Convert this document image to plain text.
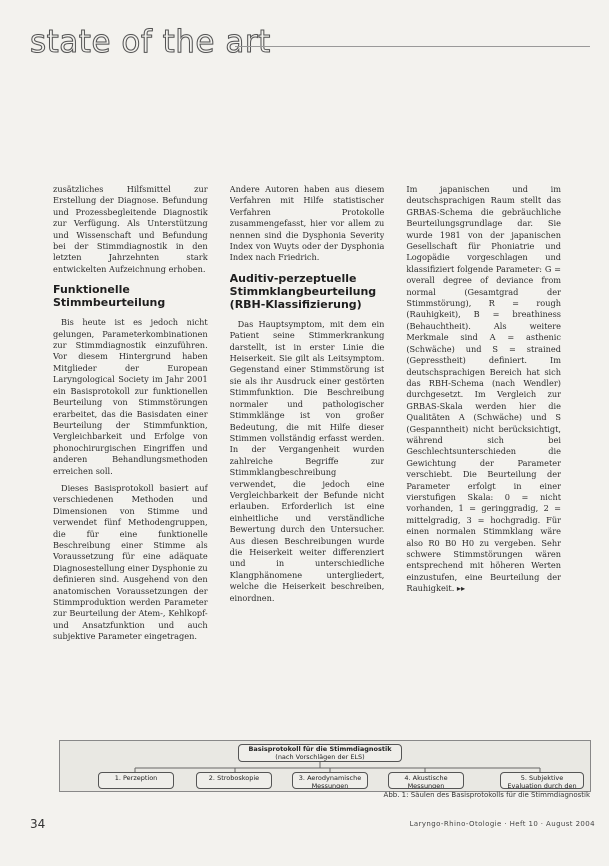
state of the art

zusätzliches Hilfsmittel zur Erstellung der Diagnose. Befundung und Prozessbegleitende Diagnostik zur Verfügung. Als Unterstützung und Wissenschaft und Befundung bei der Stimmdiagnostik in den letzten Jahrzehnten stark entwickelten Aufzeichnung erhoben.

Funktionelle Stimmbeurteilung

Bis heute ist es jedoch nicht gelungen, Parameterkombinationen zur Stimmdiagnostik einzuführen. Vor diesem Hintergrund haben Mitglieder der European Laryngological Society im Jahr 2001 ein Basisprotokoll zur funktionellen Beurteilung von Stimmstörungen erarbeitet, das die Basisdaten einer Beurteilung der Stimmfunktion, Vergleichbarkeit und Erfolge von phonochirurgischen Eingriffen und anderen Behandlungsmethoden erreichen soll.

Dieses Basisprotokoll basiert auf verschiedenen Methoden und Dimensionen von Stimme und verwendet fünf Methodengruppen, die für eine funktionelle Beschreibung einer Stimme als Voraussetzung für eine adäquate Diagnosestellung einer Dysphonie zu definieren sind. Ausgehend von den anatomischen Voraussetzungen der Stimmproduktion werden Parameter zur Beurteilung der Atem-, Kehlkopf- und Ansatzfunktion und auch subjektive Parameter eingetragen.

Andere Autoren haben aus diesem Verfahren mit Hilfe statistischer Verfahren Protokolle zusammengefasst, hier vor allem zu nennen sind die Dysphonia Severity Index von Wuyts oder der Dysphonia Index nach Friedrich.

Auditiv-perzeptuelle Stimmklangbeurteilung (RBH-Klassifizierung)

Das Hauptsymptom, mit dem ein Patient seine Stimmerkrankung darstellt, ist in erster Linie die Heiserkeit. Sie gilt als Leitsymptom. Gegenstand einer Stimmstörung ist sie als ihr Ausdruck einer gestörten Stimmfunktion. Die Beschreibung normaler und pathologischer Stimmklänge ist von großer Bedeutung, die mit Hilfe dieser Stimmen vollständig erfasst werden. In der Vergangenheit wurden zahlreiche Begriffe zur Stimmklangbeschreibung verwendet, die jedoch eine Vergleichbarkeit der Befunde nicht erlauben. Erforderlich ist eine einheitliche und verständliche Bewertung durch den Untersucher. Aus diesen Beschreibungen wurde die Heiserkeit weiter differenziert und in unterschiedliche Klangphänomene untergliedert, welche die Heiserkeit beschreiben, einordnen.

Im japanischen und im deutschsprachigen Raum stellt das GRBAS-Schema die gebräuchliche Beurteilungsgrundlage dar. Sie wurde 1981 von der japanischen Gesellschaft für Phoniatrie und Logopädie vorgeschlagen und klassifiziert folgende Parameter: G = overall degree of deviance from normal (Gesamtgrad der Stimmstörung), R = rough (Rauhigkeit), B = breathiness (Behauchtheit). Als weitere Merkmale sind A = asthenic (Schwäche) und S = strained (Gepresstheit) definiert. Im deutschsprachigen Bereich hat sich das RBH-Schema (nach Wendler) durchgesetzt. Im Vergleich zur GRBAS-Skala werden hier die Qualitäten A (Schwäche) und S (Gespanntheit) nicht berücksichtigt, während sich bei Geschlechtsunterschieden die Gewichtung der Parameter verschiebt. Die Beurteilung der Parameter erfolgt in einer vierstufigen Skala: 0 = nicht vorhanden, 1 = geringgradig, 2 = mittelgradig, 3 = hochgradig. Für einen normalen Stimmklang wäre also R0 B0 H0 zu vergeben. Sehr schwere Stimmstörungen wären entsprechend mit höheren Werten einzustufen, eine Beurteilung der Rauhigkeit. ▸▸

Basisprotokoll für die Stimmdiagnostik
(nach Vorschlägen der ELS)
1. Perzeption	2. Stroboskopie	3. Aerodynamische Messungen
4. Akustische Messungen
5. Subjektive Evaluation durch den
Abb. 1: Säulen des Basisprotokolls für die Stimmdiagnostik
34	Laryngo-Rhino-Otologie · Heft 10 · August 2004
